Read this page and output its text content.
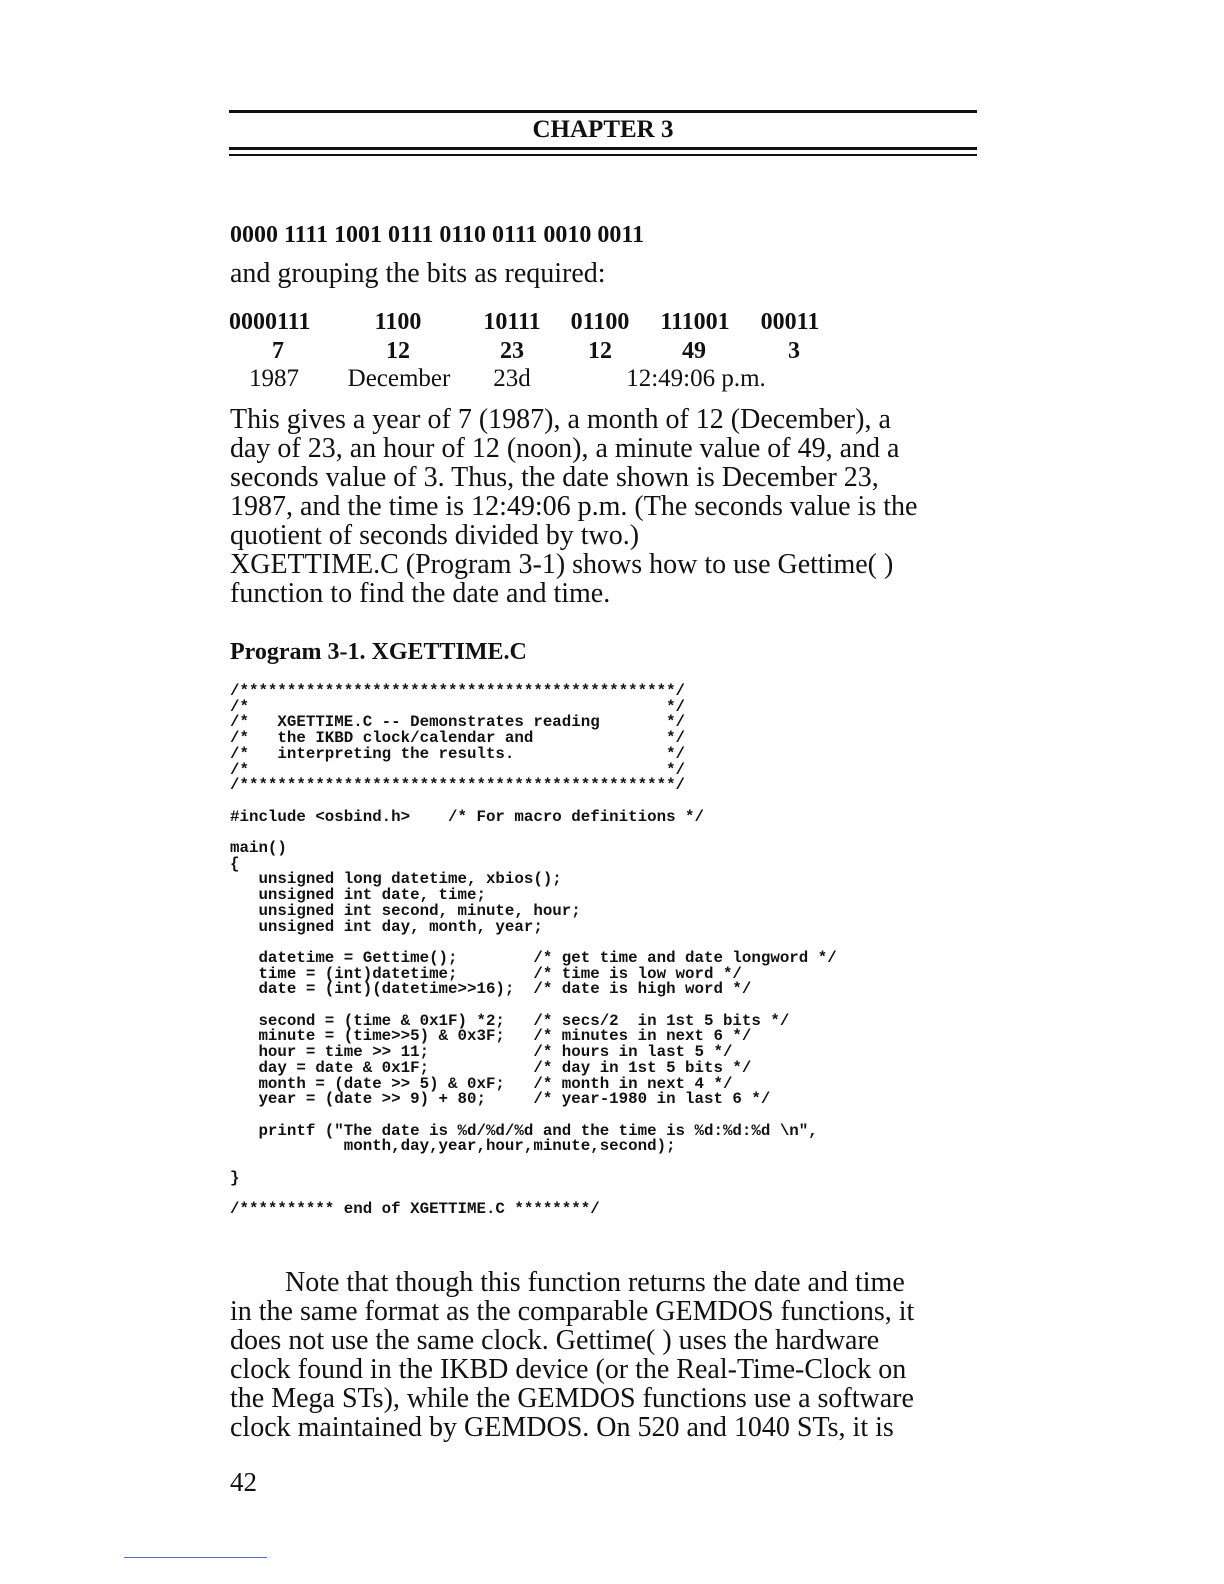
CHAPTER 3
0000 1111 1001 0111 0110 0111 0010 0011
and grouping the bits as required:
0000111	1100	10111	01100	111001	00011
7	12	23	12	49	3
1987	December	23d	12:49:06 p.m.
This gives a year of 7 (1987), a month of 12 (December), a
day of 23, an hour of 12 (noon), a minute value of 49, and a
seconds value of 3. Thus, the date shown is December 23,
1987, and the time is 12:49:06 p.m. (The seconds value is the
quotient of seconds divided by two.)
XGETTIME.C (Program 3-1) shows how to use Gettime( )
function to find the date and time.
Program 3-1. XGETTIME.C
/**********************************************/
/*                                            */
/*   XGETTIME.C -- Demonstrates reading       */
/*   the IKBD clock/calendar and              */
/*   interpreting the results.                */
/*                                            */
/**********************************************/

#include <osbind.h>    /* For macro definitions */

main()
{
unsigned long datetime, xbios();
unsigned int date, time;
unsigned int second, minute, hour;
unsigned int day, month, year;

datetime = Gettime();        /* get time and date longword */
time = (int)datetime;        /* time is low word */
date = (int)(datetime>>16);  /* date is high word */

second = (time & 0x1F) *2;   /* secs/2  in 1st 5 bits */
minute = (time>>5) & 0x3F;   /* minutes in next 6 */
hour = time >> 11;           /* hours in last 5 */
day = date & 0x1F;           /* day in 1st 5 bits */
month = (date >> 5) & 0xF;   /* month in next 4 */
year = (date >> 9) + 80;     /* year-1980 in last 6 */

printf ("The date is %d/%d/%d and the time is %d:%d:%d \n",
month,day,year,hour,minute,second);

}

/********** end of XGETTIME.C ********/

Note that though this function returns the date and time
in the same format as the comparable GEMDOS functions, it
does not use the same clock. Gettime( ) uses the hardware
clock found in the IKBD device (or the Real-Time-Clock on
the Mega STs), while the GEMDOS functions use a software
clock maintained by GEMDOS. On 520 and 1040 STs, it is
42
